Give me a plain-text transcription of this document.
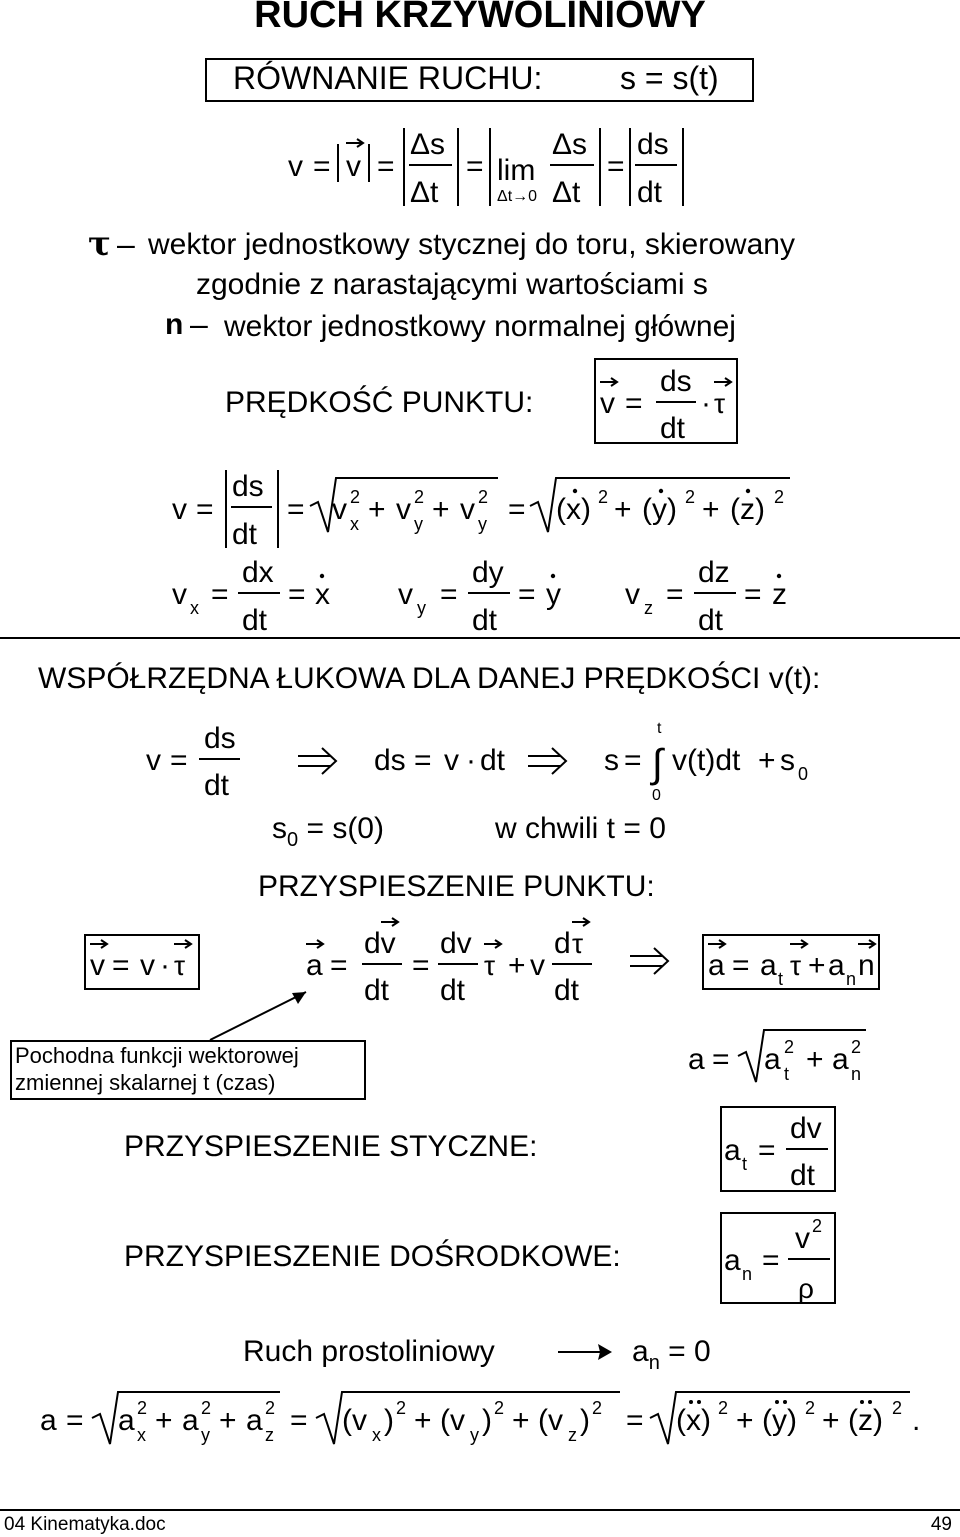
RUCH KRZYWOLINIOWY
RÓWNANIE RUCHU: s = s(t)
v = v =
Δs
Δt
= lim
Δt→0
Δs
Δt
=
ds
dt
τ – wektor jednostkowy stycznej do toru, skierowany
zgodnie z narastającymi wartościami s
n – wektor jednostkowy normalnej głównej
PRĘDKOŚĆ PUNKTU: v =
ds
dt
· τ
v =
ds
dt
= v 2
x + v 2
y + v 2
y = (x) 2 + (y) 2 + (z) 2
v x =
dx
dt
= x v y =
dy
dt
= y v z =
dz
dt
= z
WSPÓŁRZĘDNA ŁUKOWA DLA DANEJ PRĘDKOŚCI v(t):
v =
ds
dt
ds = v · dt	s = ∫
t
0
v(t)dt + s 0
$s_0 = s(0)$	w chwili t = 0
PRZYSPIESZENIE PUNKTU:
v = v · τ	a =
dv
dt
=
dv
dt
τ + v
d τ
dt
a = a t τ + a n n
a = a 2
t + a 2
n
Pochodna funkcji wektorowej
zmiennej skalarnej t (czas)
PRZYSPIESZENIE STYCZNE:
PRZYSPIESZENIE DOŚRODKOWE:
a t =
dv
dt
a n =
v 2
ρ
Ruch prostoliniowy	$a_n = 0$
a = a 2
x + a 2
y + a 2
z = (v x ) 2 + (v y ) 2 + (v z ) 2 = (x) 2 + (y) 2 + (z) 2 .
04 Kinematyka.doc	49
